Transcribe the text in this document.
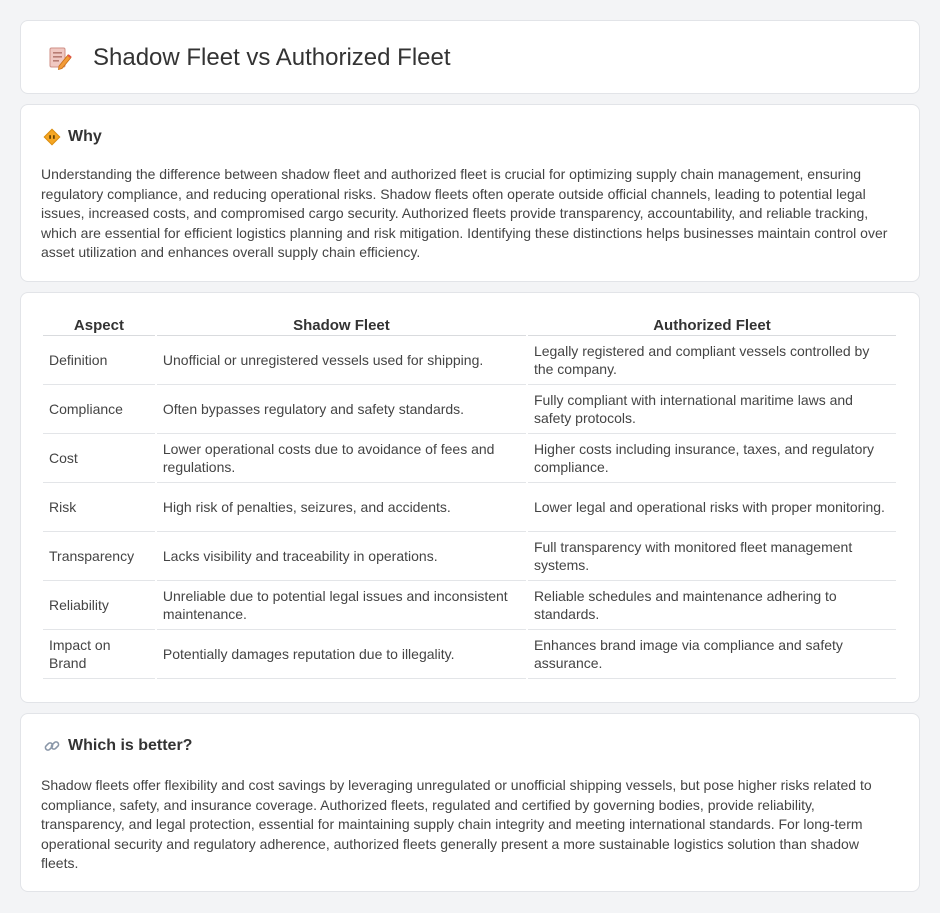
Shadow Fleet vs Authorized Fleet
Why

Understanding the difference between shadow fleet and authorized fleet is crucial for optimizing supply chain management, ensuring regulatory compliance, and reducing operational risks. Shadow fleets often operate outside official channels, leading to potential legal issues, increased costs, and compromised cargo security. Authorized fleets provide transparency, accountability, and reliable tracking, which are essential for efficient logistics planning and risk mitigation. Identifying these distinctions helps businesses maintain control over asset utilization and enhances overall supply chain efficiency.

Aspect	Shadow Fleet	Authorized Fleet
Definition	Unofficial or unregistered vessels used for shipping.	Legally registered and compliant vessels controlled by the company.
Compliance	Often bypasses regulatory and safety standards.	Fully compliant with international maritime laws and safety protocols.
Cost	Lower operational costs due to avoidance of fees and regulations.	Higher costs including insurance, taxes, and regulatory compliance.
Risk	High risk of penalties, seizures, and accidents.	Lower legal and operational risks with proper monitoring.
Transparency	Lacks visibility and traceability in operations.	Full transparency with monitored fleet management systems.
Reliability	Unreliable due to potential legal issues and inconsistent maintenance.	Reliable schedules and maintenance adhering to standards.
Impact on Brand	Potentially damages reputation due to illegality.	Enhances brand image via compliance and safety assurance.
Which is better?

Shadow fleets offer flexibility and cost savings by leveraging unregulated or unofficial shipping vessels, but pose higher risks related to compliance, safety, and insurance coverage. Authorized fleets, regulated and certified by governing bodies, provide reliability, transparency, and legal protection, essential for maintaining supply chain integrity and meeting international standards. For long-term operational security and regulatory adherence, authorized fleets generally present a more sustainable logistics solution than shadow fleets.
